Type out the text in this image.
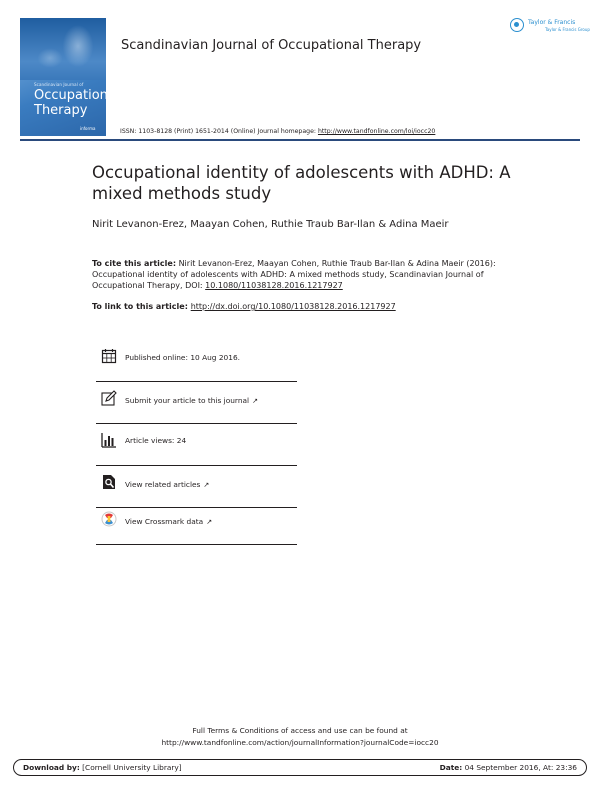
Scandinavian Journal of
Occupational
Therapy
informa
Scandinavian Journal of Occupational Therapy
Taylor & Francis
Taylor & Francis Group
ISSN: 1103-8128 (Print) 1651-2014 (Online) Journal homepage: http://www.tandfonline.com/loi/iocc20
Occupational identity of adolescents with ADHD: A mixed methods study
Nirit Levanon-Erez, Maayan Cohen, Ruthie Traub Bar-Ilan & Adina Maeir
To cite this article: Nirit Levanon-Erez, Maayan Cohen, Ruthie Traub Bar-Ilan & Adina Maeir (2016): Occupational identity of adolescents with ADHD: A mixed methods study, Scandinavian Journal of Occupational Therapy, DOI: 10.1080/11038128.2016.1217927
To link to this article: http://dx.doi.org/10.1080/11038128.2016.1217927
Published online: 10 Aug 2016.
Submit your article to this journal ↗
Article views: 24
View related articles ↗
View Crossmark data ↗
Full Terms & Conditions of access and use can be found at
http://www.tandfonline.com/action/journalInformation?journalCode=iocc20
Download by: [Cornell University Library]	Date: 04 September 2016, At: 23:36
